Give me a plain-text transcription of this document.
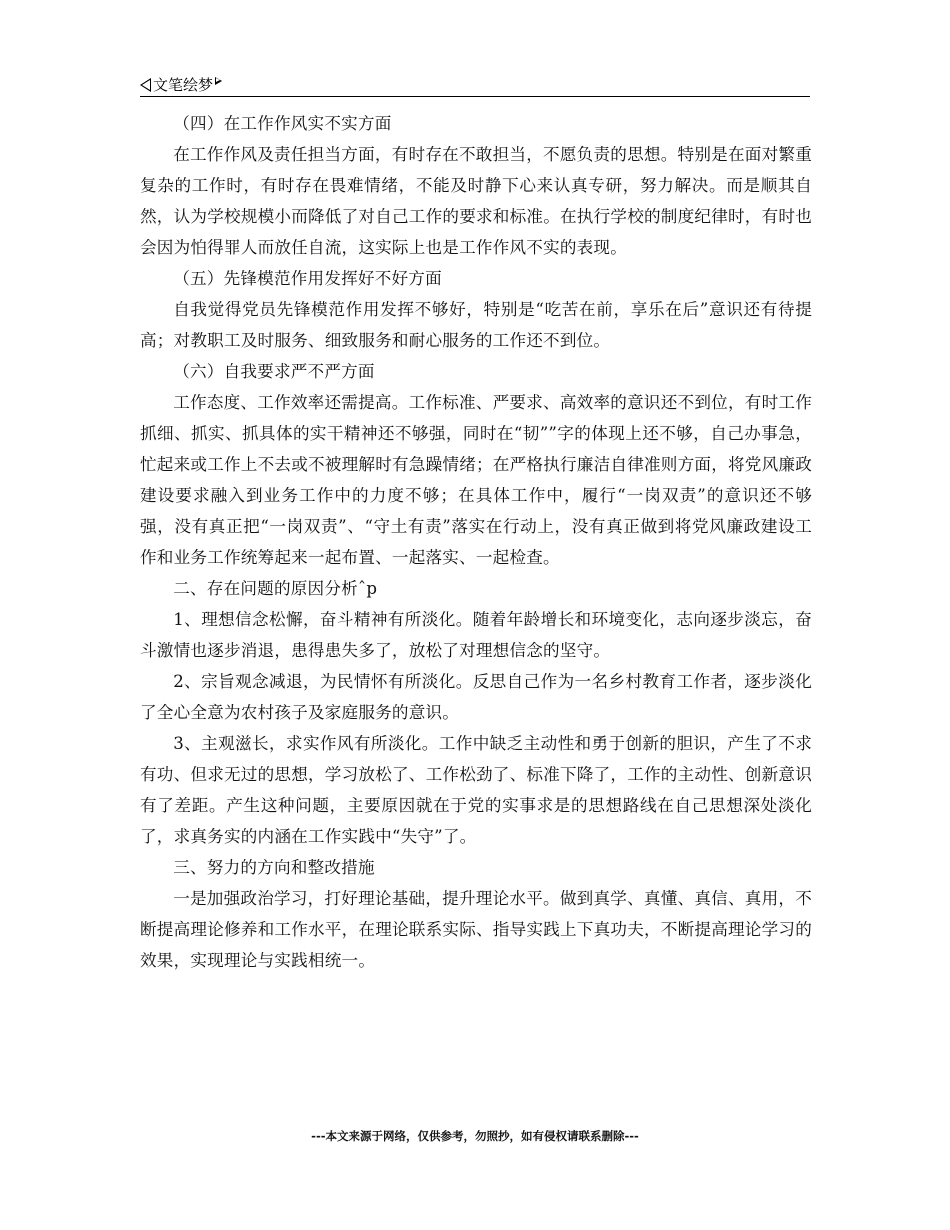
文笔绘梦

（四）在工作作风实不实方面

在工作作风及责任担当方面，有时存在不敢担当，不愿负责的思想。特别是在面对繁重复杂的工作时，有时存在畏难情绪，不能及时静下心来认真专研，努力解决。而是顺其自然，认为学校规模小而降低了对自己工作的要求和标准。在执行学校的制度纪律时，有时也会因为怕得罪人而放任自流，这实际上也是工作作风不实的表现。

（五）先锋模范作用发挥好不好方面

自我觉得党员先锋模范作用发挥不够好，特别是“吃苦在前，享乐在后”意识还有待提高；对教职工及时服务、细致服务和耐心服务的工作还不到位。

（六）自我要求严不严方面

工作态度、工作效率还需提高。工作标准、严要求、高效率的意识还不到位，有时工作抓细、抓实、抓具体的实干精神还不够强，同时在“韧””字的体现上还不够，自己办事急，忙起来或工作上不去或不被理解时有急躁情绪；在严格执行廉洁自律准则方面，将党风廉政建设要求融入到业务工作中的力度不够；在具体工作中，履行“一岗双责”的意识还不够强，没有真正把“一岗双责”、“守土有责”落实在行动上，没有真正做到将党风廉政建设工作和业务工作统筹起来一起布置、一起落实、一起检查。

二、存在问题的原因分析ˆp

1、理想信念松懈，奋斗精神有所淡化。随着年龄增长和环境变化，志向逐步淡忘，奋斗激情也逐步消退，患得患失多了，放松了对理想信念的坚守。

2、宗旨观念减退，为民情怀有所淡化。反思自己作为一名乡村教育工作者，逐步淡化了全心全意为农村孩子及家庭服务的意识。

3、主观滋长，求实作风有所淡化。工作中缺乏主动性和勇于创新的胆识，产生了不求有功、但求无过的思想，学习放松了、工作松劲了、标准下降了，工作的主动性、创新意识有了差距。产生这种问题，主要原因就在于党的实事求是的思想路线在自己思想深处淡化了，求真务实的内涵在工作实践中“失守”了。

三、努力的方向和整改措施

一是加强政治学习，打好理论基础，提升理论水平。做到真学、真懂、真信、真用，不断提高理论修养和工作水平，在理论联系实际、指导实践上下真功夫，不断提高理论学习的效果，实现理论与实践相统一。

---本文来源于网络，仅供参考，勿照抄，如有侵权请联系删除---
